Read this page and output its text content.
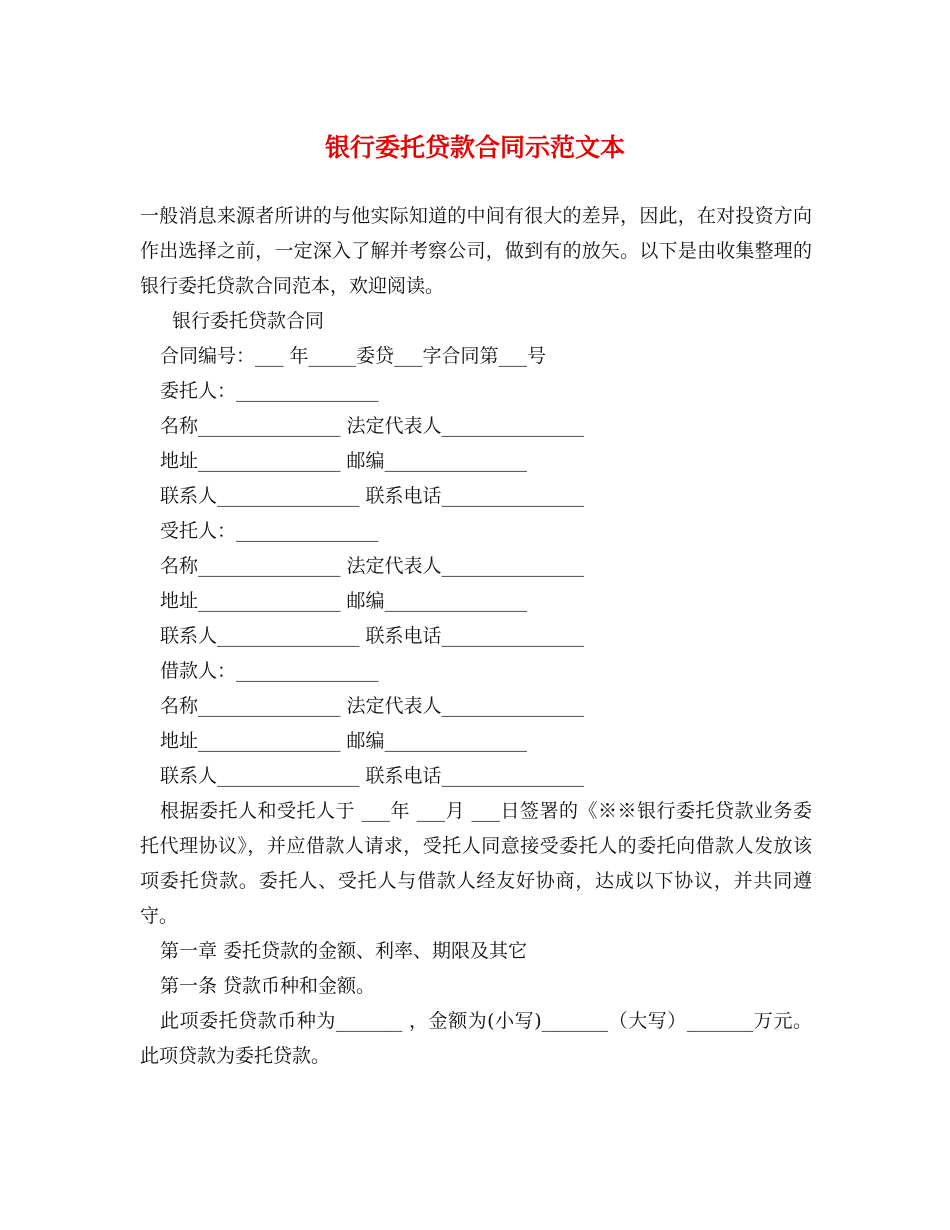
银行委托贷款合同示范文本

一般消息来源者所讲的与他实际知道的中间有很大的差异，因此，在对投资方向作出选择之前，一定深入了解并考察公司，做到有的放矢。以下是由收集整理的银行委托贷款合同范本，欢迎阅读。

银行委托贷款合同

合同编号：___ 年_____委贷___字合同第___号

委托人：_______________

名称_______________ 法定代表人_______________

地址_______________ 邮编_______________

联系人_______________ 联系电话_______________

受托人：_______________

名称_______________ 法定代表人_______________

地址_______________ 邮编_______________

联系人_______________ 联系电话_______________

借款人：_______________

名称_______________ 法定代表人_______________

地址_______________ 邮编_______________

联系人_______________ 联系电话_______________

根据委托人和受托人于 ___年 ___月 ___日签署的《※※银行委托贷款业务委托代理协议》，并应借款人请求，受托人同意接受委托人的委托向借款人发放该项委托贷款。委托人、受托人与借款人经友好协商，达成以下协议，并共同遵守。

第一章 委托贷款的金额、利率、期限及其它

第一条 贷款币种和金额。

此项委托贷款币种为_______ ，金额为(小写)_______（大写）_______万元。此项贷款为委托贷款。
